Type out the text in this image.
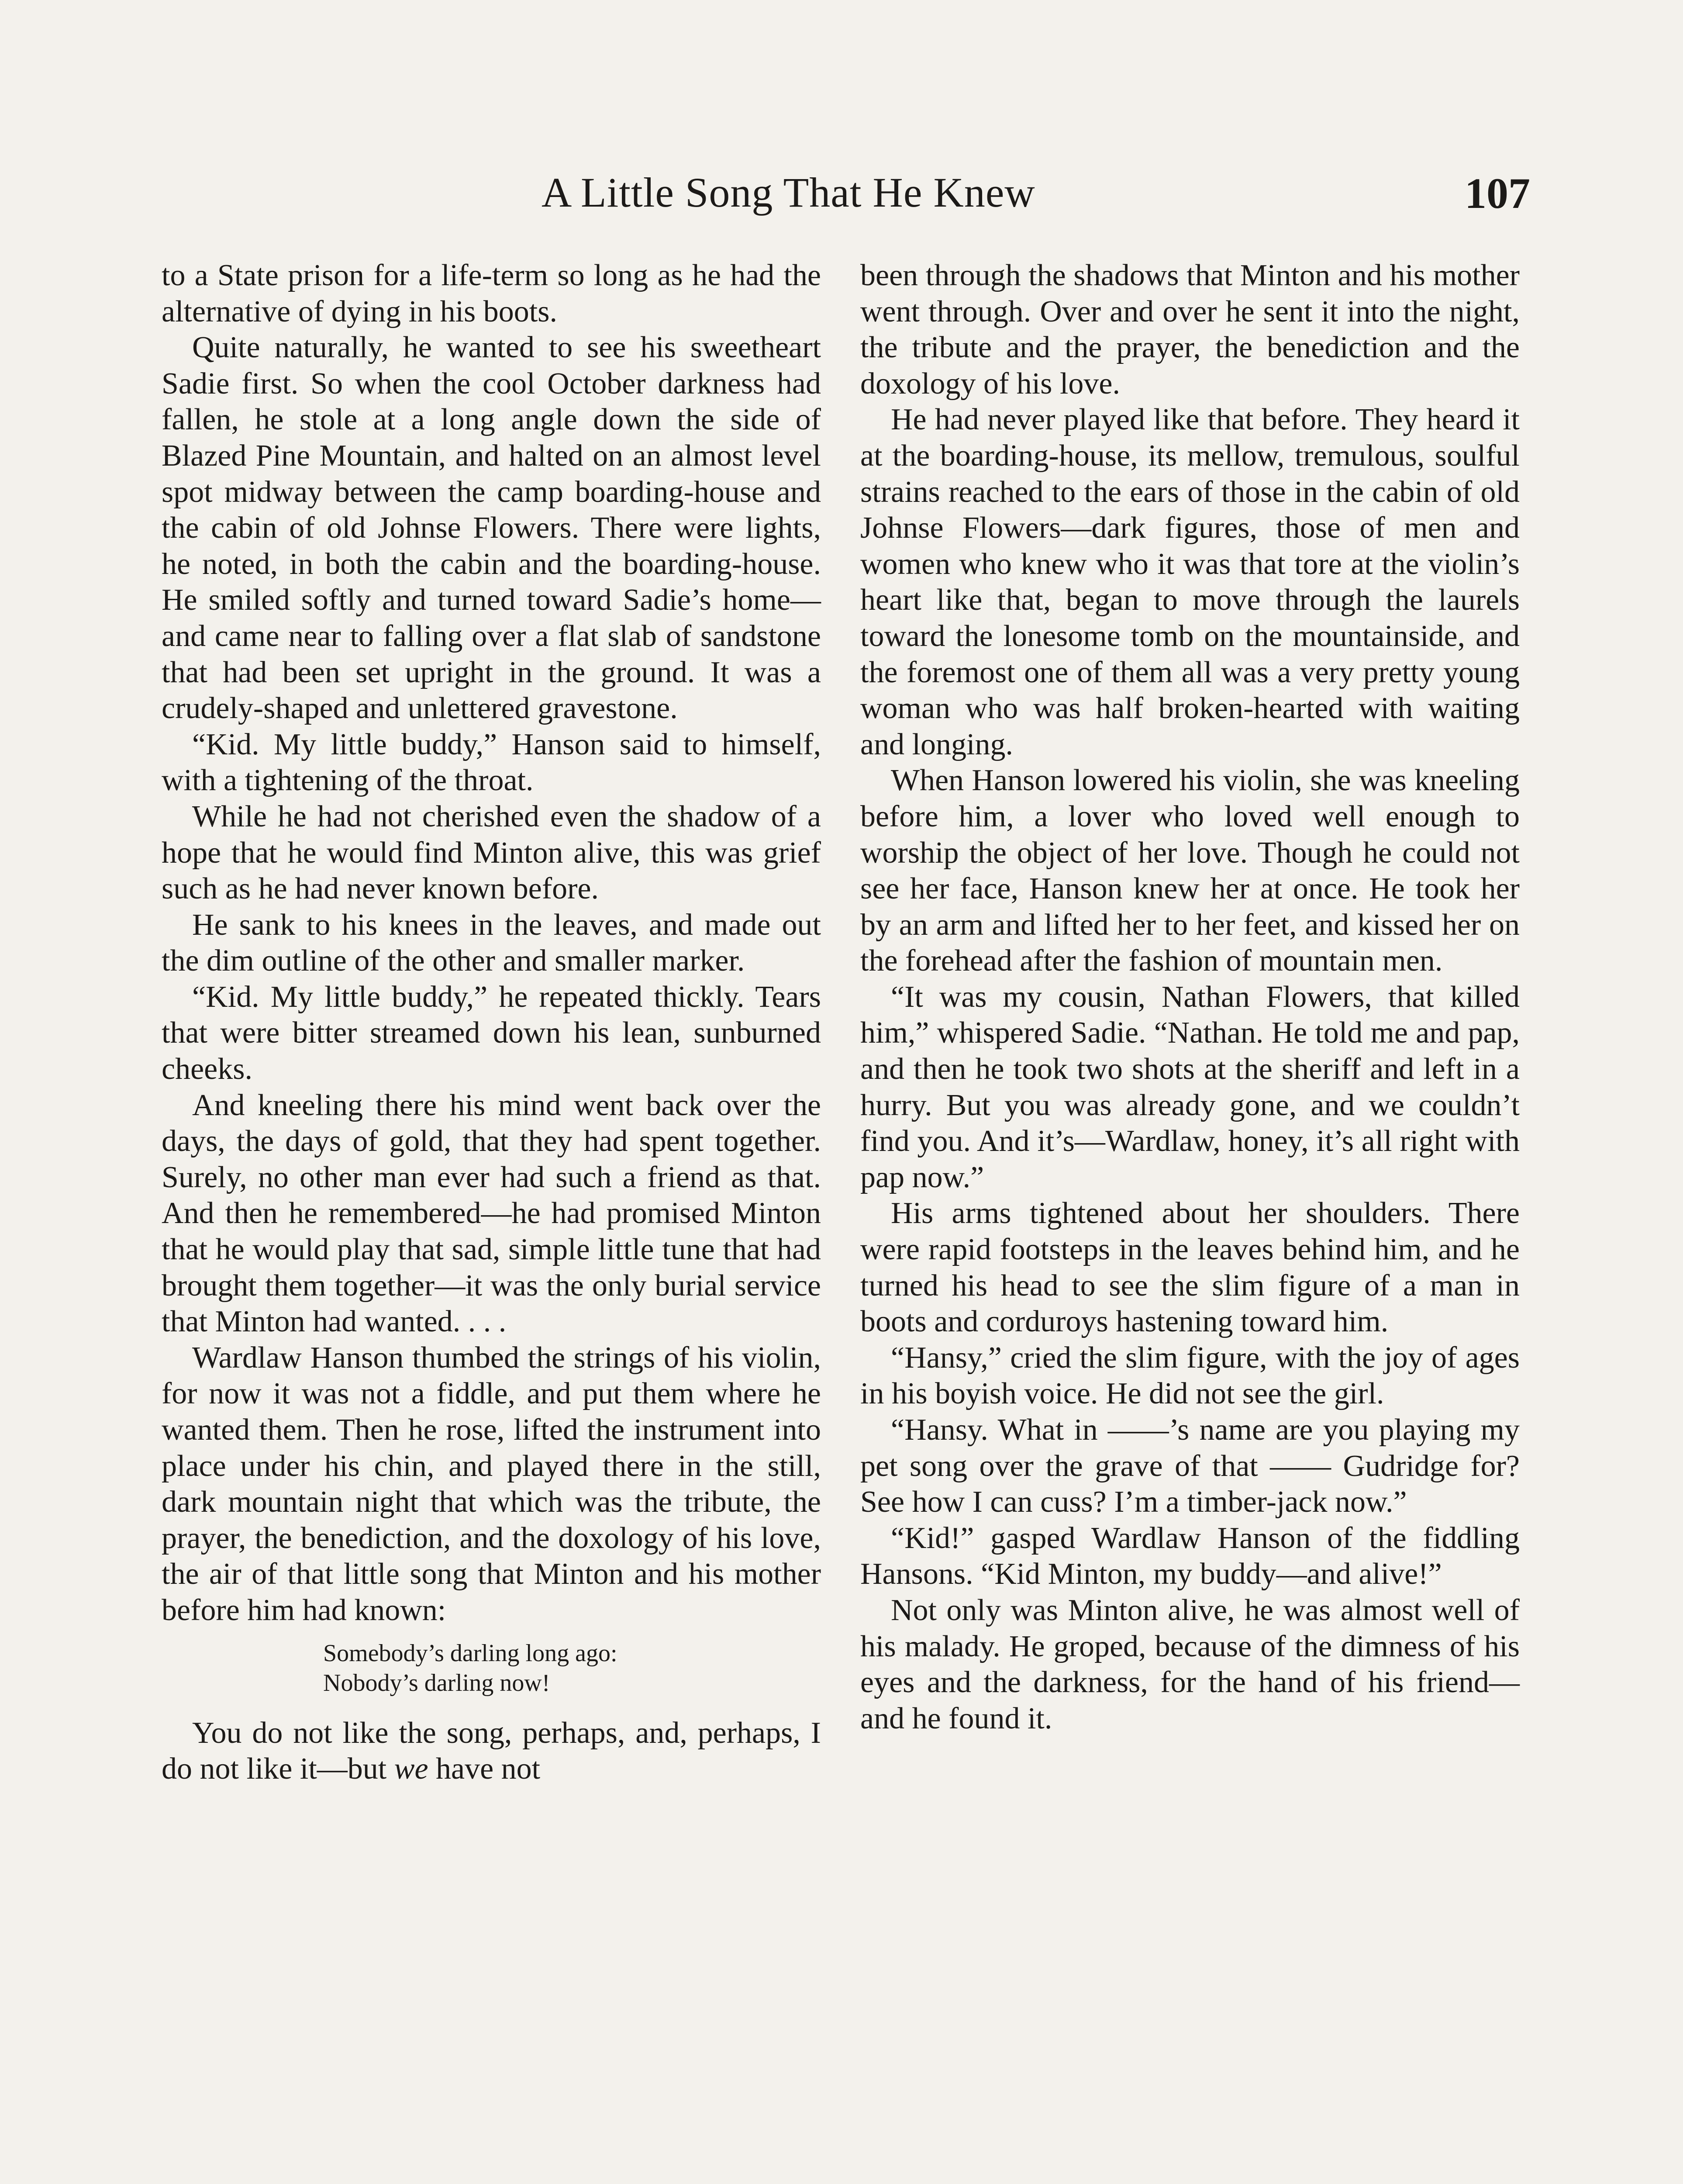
A Little Song That He Knew	107

to a State prison for a life-term so long as he had the alternative of dying in his boots.

Quite naturally, he wanted to see his sweetheart Sadie first. So when the cool October darkness had fallen, he stole at a long angle down the side of Blazed Pine Mountain, and halted on an almost level spot midway between the camp boarding-house and the cabin of old Johnse Flowers. There were lights, he noted, in both the cabin and the boarding-house. He smiled softly and turned toward Sadie’s home—and came near to falling over a flat slab of sandstone that had been set upright in the ground. It was a crudely-shaped and unlettered gravestone.

“Kid. My little buddy,” Hanson said to himself, with a tightening of the throat.

While he had not cherished even the shadow of a hope that he would find Minton alive, this was grief such as he had never known before.

He sank to his knees in the leaves, and made out the dim outline of the other and smaller marker.

“Kid. My little buddy,” he repeated thickly. Tears that were bitter streamed down his lean, sunburned cheeks.

And kneeling there his mind went back over the days, the days of gold, that they had spent together. Surely, no other man ever had such a friend as that. And then he remembered—he had promised Minton that he would play that sad, simple little tune that had brought them together—it was the only burial service that Minton had wanted. . . .

Wardlaw Hanson thumbed the strings of his violin, for now it was not a fiddle, and put them where he wanted them. Then he rose, lifted the instrument into place under his chin, and played there in the still, dark mountain night that which was the tribute, the prayer, the benediction, and the doxology of his love, the air of that little song that Minton and his mother before him had known:

Somebody’s darling long ago:
Nobody’s darling now!

You do not like the song, perhaps, and, perhaps, I do not like it—but we have not

been through the shadows that Minton and his mother went through. Over and over he sent it into the night, the tribute and the prayer, the benediction and the doxology of his love.

He had never played like that before. They heard it at the boarding-house, its mellow, tremulous, soulful strains reached to the ears of those in the cabin of old Johnse Flowers—dark figures, those of men and women who knew who it was that tore at the violin’s heart like that, began to move through the laurels toward the lonesome tomb on the mountainside, and the foremost one of them all was a very pretty young woman who was half broken-hearted with waiting and longing.

When Hanson lowered his violin, she was kneeling before him, a lover who loved well enough to worship the object of her love. Though he could not see her face, Hanson knew her at once. He took her by an arm and lifted her to her feet, and kissed her on the forehead after the fashion of mountain men.

“It was my cousin, Nathan Flowers, that killed him,” whispered Sadie. “Nathan. He told me and pap, and then he took two shots at the sheriff and left in a hurry. But you was already gone, and we couldn’t find you. And it’s—Wardlaw, honey, it’s all right with pap now.”

His arms tightened about her shoulders. There were rapid footsteps in the leaves behind him, and he turned his head to see the slim figure of a man in boots and corduroys hastening toward him.

“Hansy,” cried the slim figure, with the joy of ages in his boyish voice. He did not see the girl.

“Hansy. What in ——’s name are you playing my pet song over the grave of that —— Gudridge for? See how I can cuss? I’m a timber-jack now.”

“Kid!” gasped Wardlaw Hanson of the fiddling Hansons. “Kid Minton, my buddy—and alive!”

Not only was Minton alive, he was almost well of his malady. He groped, because of the dimness of his eyes and the darkness, for the hand of his friend—and he found it.
